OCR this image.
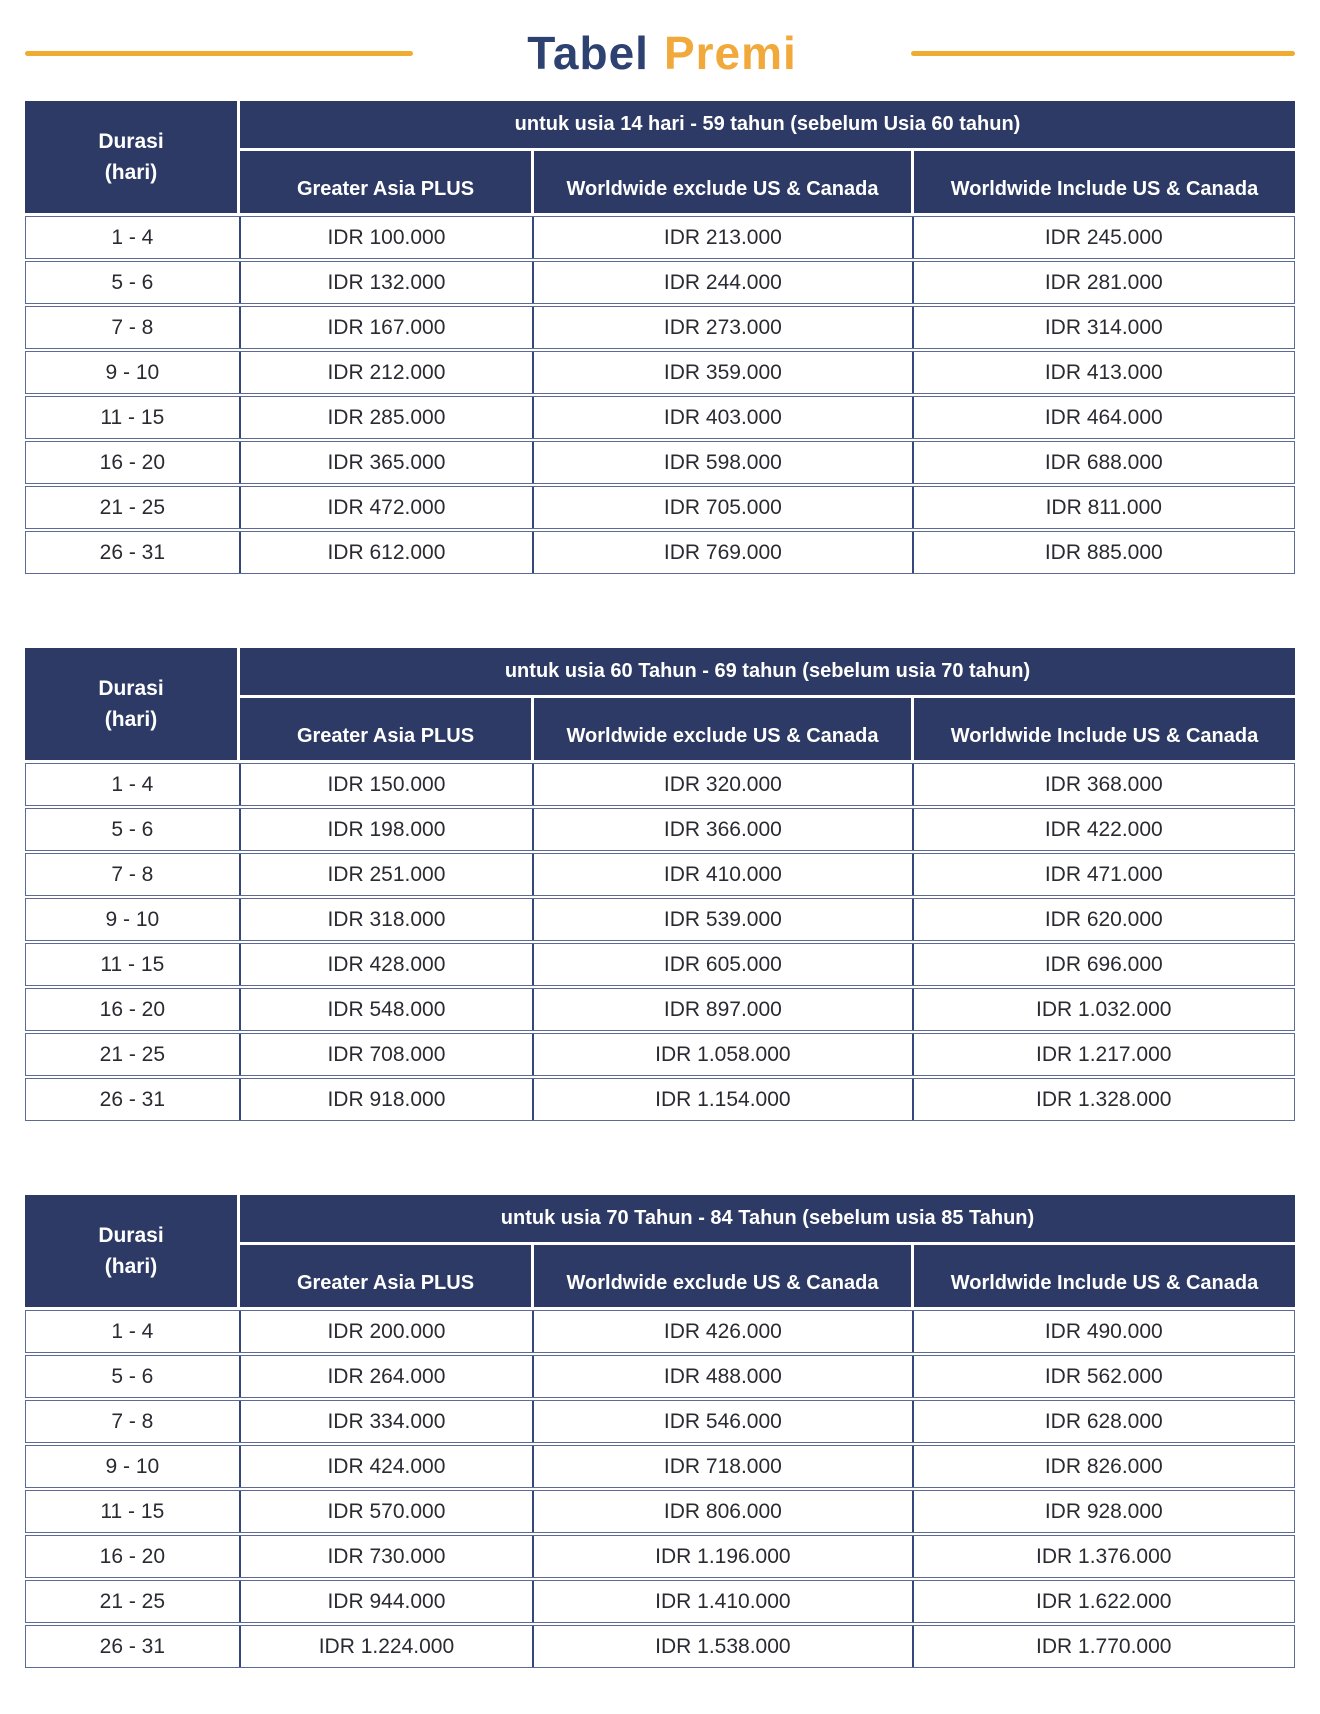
Tabel Premi
Durasi
(hari)
untuk usia 14 hari - 59 tahun (sebelum Usia 60 tahun)
Greater Asia PLUS	Worldwide exclude US & Canada	Worldwide Include US & Canada
1 - 4	IDR 100.000	IDR 213.000	IDR 245.000
5 - 6	IDR 132.000	IDR 244.000	IDR 281.000
7 - 8	IDR 167.000	IDR 273.000	IDR 314.000
9 - 10	IDR 212.000	IDR 359.000	IDR 413.000
11 - 15	IDR 285.000	IDR 403.000	IDR 464.000
16 - 20	IDR 365.000	IDR 598.000	IDR 688.000
21 - 25	IDR 472.000	IDR 705.000	IDR 811.000
26 - 31	IDR 612.000	IDR 769.000	IDR 885.000
Durasi
(hari)
untuk usia 60 Tahun - 69 tahun (sebelum usia 70 tahun)
Greater Asia PLUS	Worldwide exclude US & Canada	Worldwide Include US & Canada
1 - 4	IDR 150.000	IDR 320.000	IDR 368.000
5 - 6	IDR 198.000	IDR 366.000	IDR 422.000
7 - 8	IDR 251.000	IDR 410.000	IDR 471.000
9 - 10	IDR 318.000	IDR 539.000	IDR 620.000
11 - 15	IDR 428.000	IDR 605.000	IDR 696.000
16 - 20	IDR 548.000	IDR 897.000	IDR 1.032.000
21 - 25	IDR 708.000	IDR 1.058.000	IDR 1.217.000
26 - 31	IDR 918.000	IDR 1.154.000	IDR 1.328.000
Durasi
(hari)
untuk usia 70 Tahun - 84 Tahun (sebelum usia 85 Tahun)
Greater Asia PLUS	Worldwide exclude US & Canada	Worldwide Include US & Canada
1 - 4	IDR 200.000	IDR 426.000	IDR 490.000
5 - 6	IDR 264.000	IDR 488.000	IDR 562.000
7 - 8	IDR 334.000	IDR 546.000	IDR 628.000
9 - 10	IDR 424.000	IDR 718.000	IDR 826.000
11 - 15	IDR 570.000	IDR 806.000	IDR 928.000
16 - 20	IDR 730.000	IDR 1.196.000	IDR 1.376.000
21 - 25	IDR 944.000	IDR 1.410.000	IDR 1.622.000
26 - 31	IDR 1.224.000	IDR 1.538.000	IDR 1.770.000
